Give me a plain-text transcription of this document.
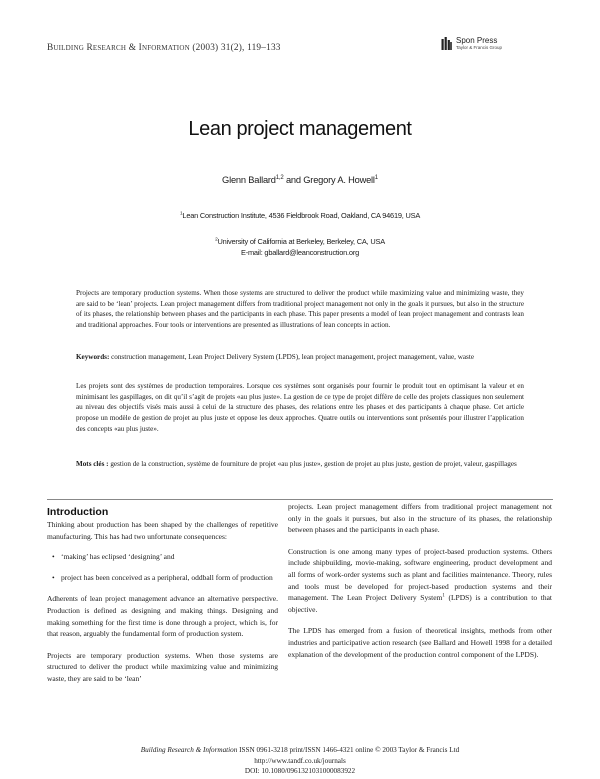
Building Research & Information (2003) 31(2), 119–133
Spon Press
Taylor & Francis Group
Lean project management
Glenn Ballard$^{1,2}$ and Gregory A. Howell$^1$
$^1$Lean Construction Institute, 4536 Fieldbrook Road, Oakland, CA 94619, USA
$^2$University of California at Berkeley, Berkeley, CA, USA
E-mail: gballard@leanconstruction.org
Projects are temporary production systems. When those systems are structured to deliver the product while maximizing value and minimizing waste, they are said to be ‘lean’ projects. Lean project management differs from traditional project management not only in the goals it pursues, but also in the structure of its phases, the relationship between phases and the participants in each phase. This paper presents a model of lean project management and contrasts lean and traditional approaches. Four tools or interventions are presented as illustrations of lean concepts in action.
Keywords: construction management, Lean Project Delivery System (LPDS), lean project management, project management, value, waste
Les projets sont des systèmes de production temporaires. Lorsque ces systèmes sont organisés pour fournir le produit tout en optimisant la valeur et en minimisant les gaspillages, on dit qu’il s’agit de projets «au plus juste». La gestion de ce type de projet diffère de celle des projets classiques non seulement au niveau des objectifs visés mais aussi à celui de la structure des phases, des relations entre les phases et des participants à chaque phase. Cet article propose un modèle de gestion de projet au plus juste et oppose les deux approches. Quatre outils ou interventions sont présentés pour illustrer l’application des concepts «au plus juste».
Mots clés : gestion de la construction, système de fourniture de projet «au plus juste», gestion de projet au plus juste, gestion de projet, valeur, gaspillages
Introduction

Thinking about production has been shaped by the challenges of repetitive manufacturing. This has had two unfortunate consequences:

• ‘making’ has eclipsed ‘designing’ and
• project has been conceived as a peripheral, oddball form of production

Adherents of lean project management advance an alternative perspective. Production is defined as designing and making things. Designing and making something for the first time is done through a project, which is, for that reason, arguably the fundamental form of production system.

Projects are temporary production systems. When those systems are structured to deliver the product while maximizing value and minimizing waste, they are said to be ‘lean’

projects. Lean project management differs from traditional project management not only in the goals it pursues, but also in the structure of its phases, the relationship between phases and the participants in each phase.

Construction is one among many types of project-based production systems. Others include shipbuilding, movie-making, software engineering, product development and all forms of work-order systems such as plant and facilities maintenance. Theory, rules and tools must be developed for project-based production systems and their management. The Lean Project Delivery System$^1$ (LPDS) is a contribution to that objective.

The LPDS has emerged from a fusion of theoretical insights, methods from other industries and participative action research (see Ballard and Howell 1998 for a detailed explanation of the development of the production control component of the LPDS).

Building Research & Information ISSN 0961-3218 print/ISSN 1466-4321 online © 2003 Taylor & Francis Ltd
http://www.tandf.co.uk/journals
DOI: 10.1080/0961321031000083922
